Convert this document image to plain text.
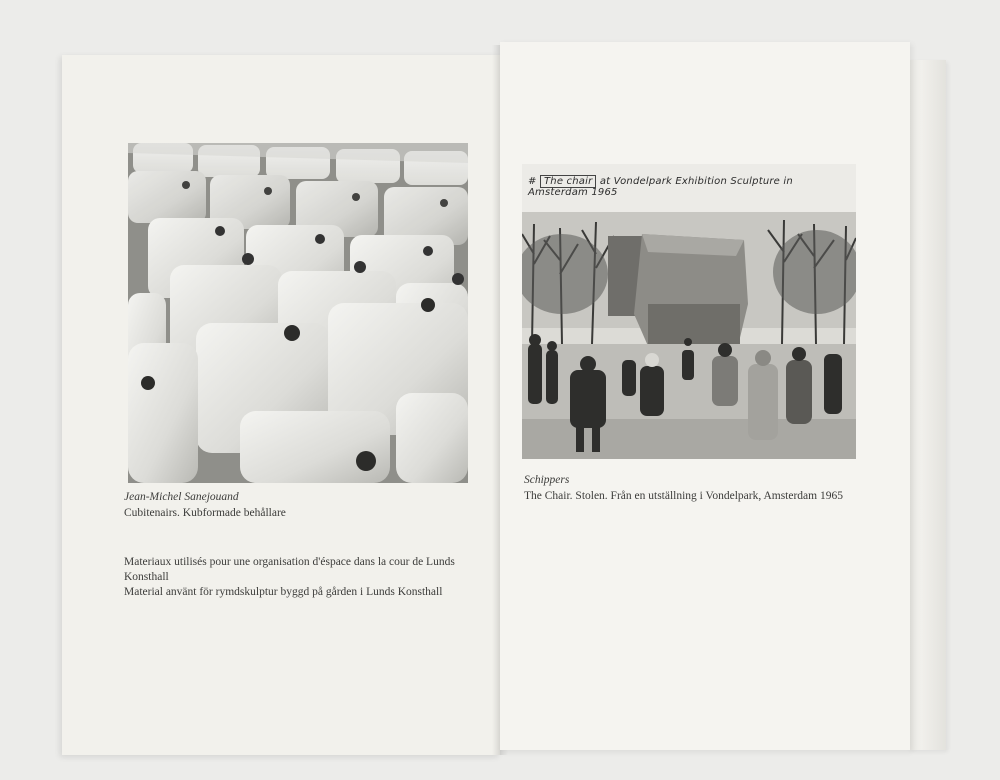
Jean-Michel Sanejouand
Cubitenairs. Kubformade behållare
Materiaux utilisés pour une organisation d'éspace dans la cour de Lunds Konsthall
Material använt för rymdskulptur byggd på gården i Lunds Konsthall
# The chair at Vondelpark Exhibition Sculpture in Amsterdam 1965
Schippers
The Chair. Stolen. Från en utställning i Vondelpark, Amsterdam 1965
